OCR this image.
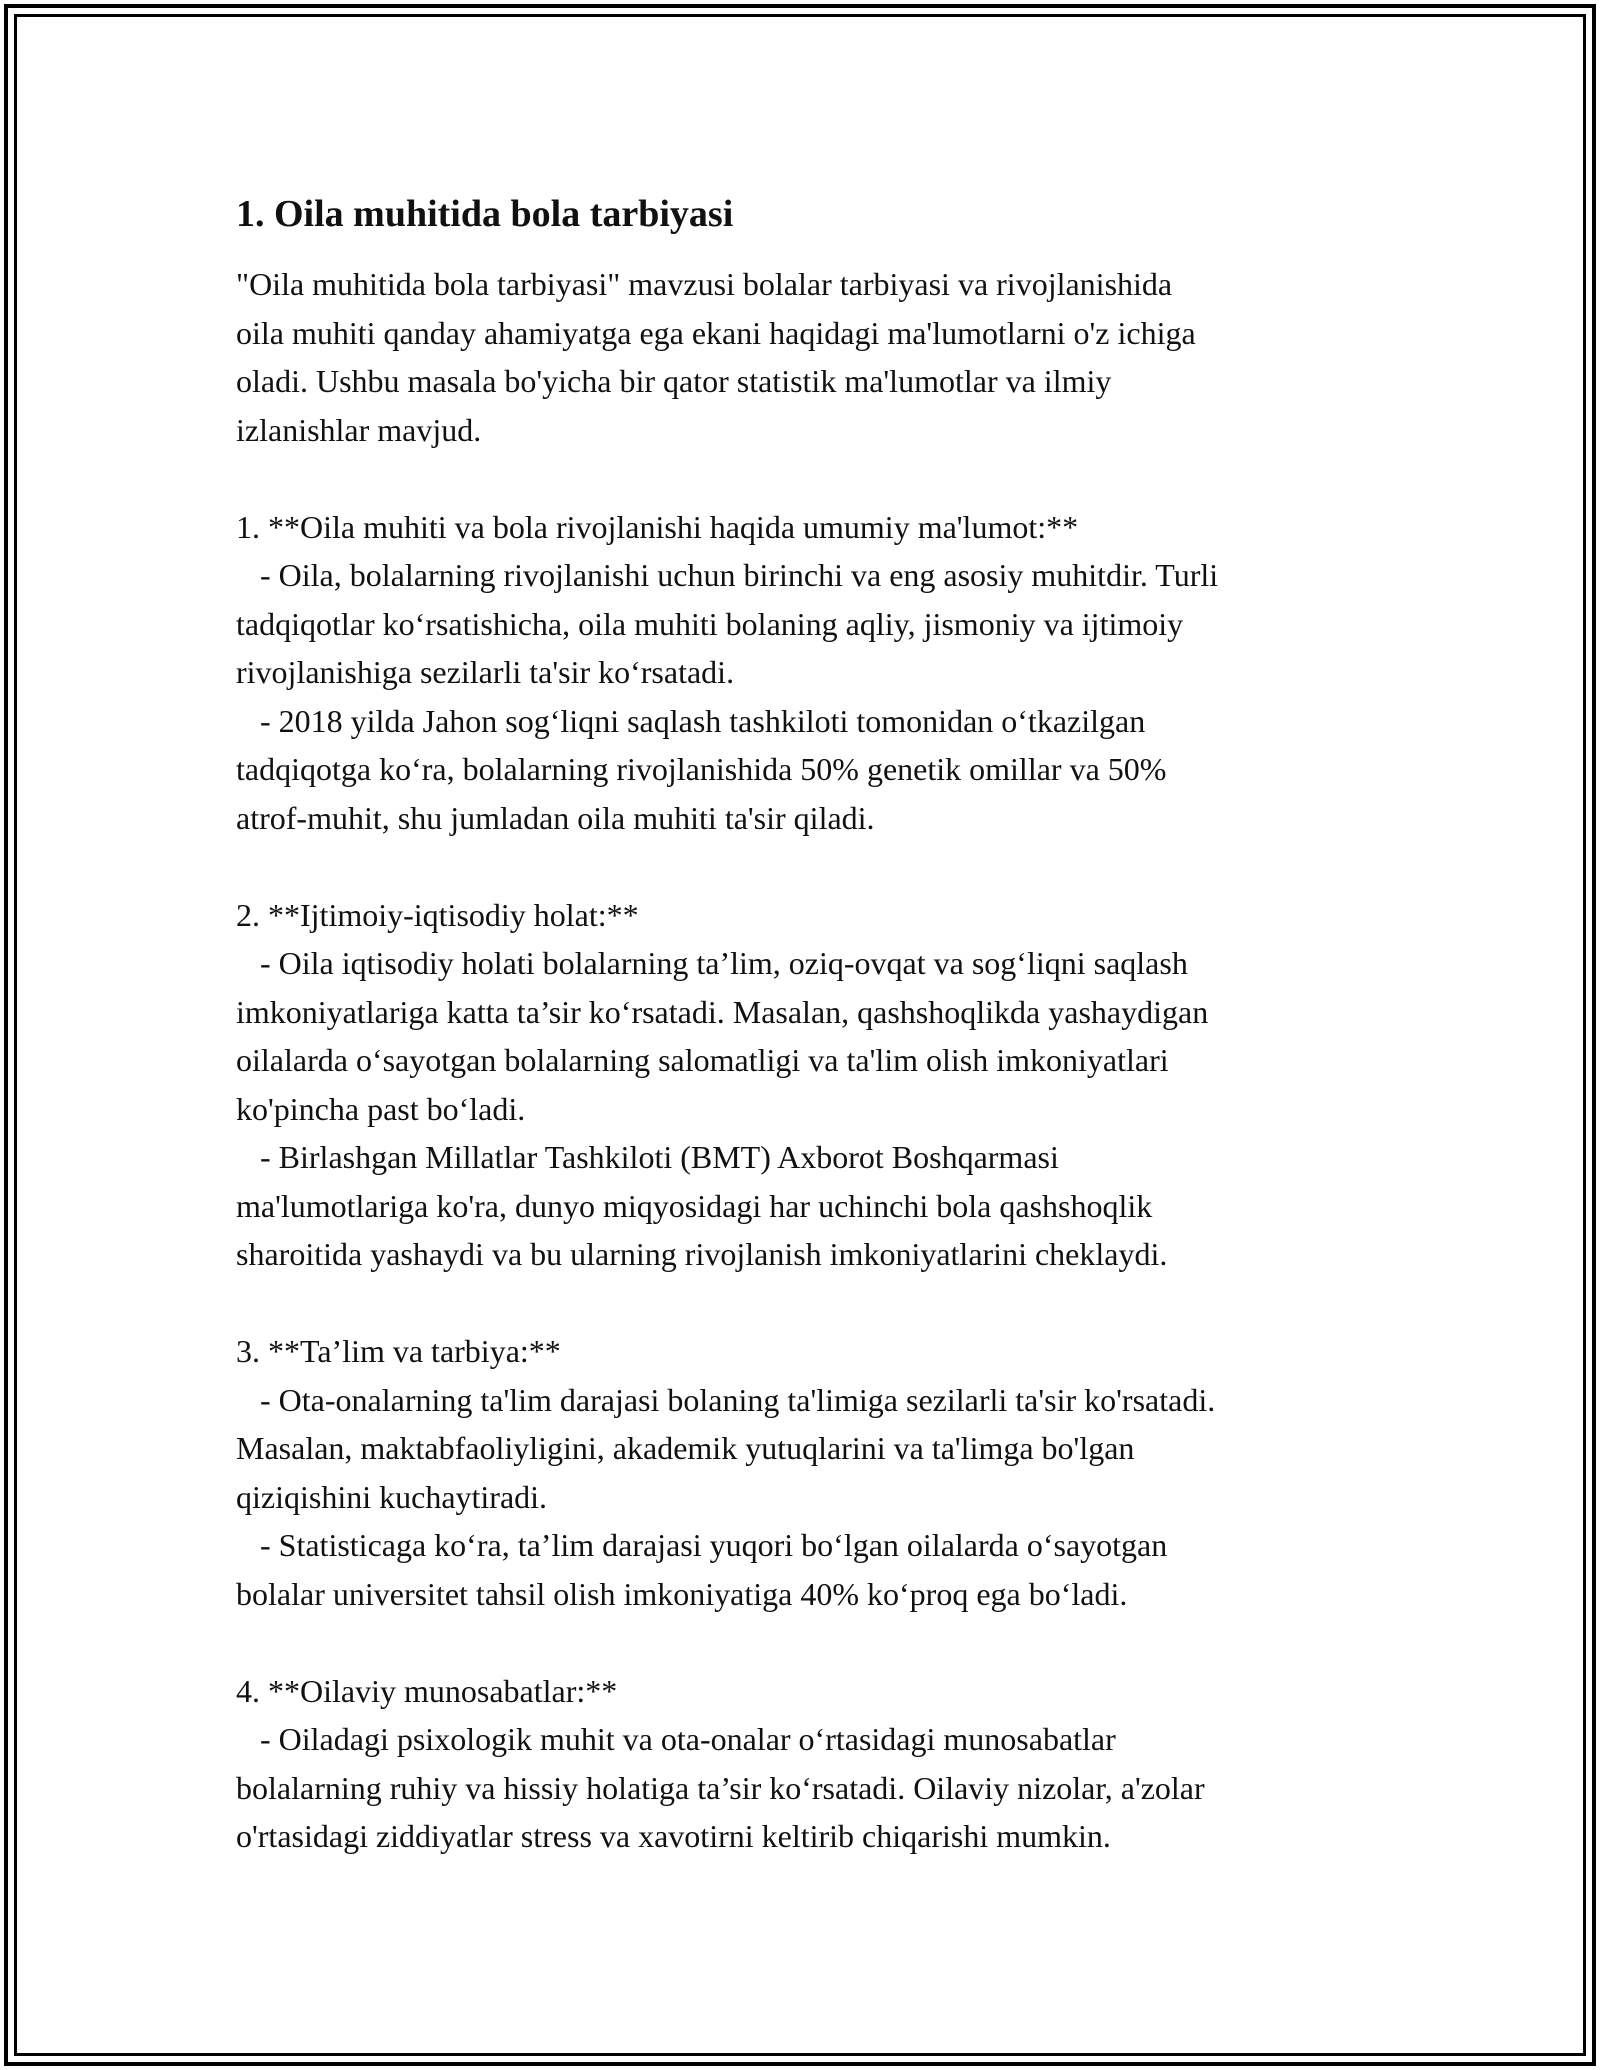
1. Oila muhitida bola tarbiyasi

"Oila muhitida bola tarbiyasi" mavzusi bolalar tarbiyasi va rivojlanishida
oila muhiti qanday ahamiyatga ega ekani haqidagi ma'lumotlarni o'z ichiga
oladi. Ushbu masala bo'yicha bir qator statistik ma'lumotlar va ilmiy
izlanishlar mavjud.

1. **Oila muhiti va bola rivojlanishi haqida umumiy ma'lumot:**
- Oila, bolalarning rivojlanishi uchun birinchi va eng asosiy muhitdir. Turli
tadqiqotlar ko‘rsatishicha, oila muhiti bolaning aqliy, jismoniy va ijtimoiy
rivojlanishiga sezilarli ta'sir ko‘rsatadi.
- 2018 yilda Jahon sog‘liqni saqlash tashkiloti tomonidan o‘tkazilgan
tadqiqotga ko‘ra, bolalarning rivojlanishida 50% genetik omillar va 50%
atrof-muhit, shu jumladan oila muhiti ta'sir qiladi.
2. **Ijtimoiy-iqtisodiy holat:**
- Oila iqtisodiy holati bolalarning ta’lim, oziq-ovqat va sog‘liqni saqlash
imkoniyatlariga katta ta’sir ko‘rsatadi. Masalan, qashshoqlikda yashaydigan
oilalarda o‘sayotgan bolalarning salomatligi va ta'lim olish imkoniyatlari
ko'pincha past bo‘ladi.
- Birlashgan Millatlar Tashkiloti (BMT) Axborot Boshqarmasi
ma'lumotlariga ko'ra, dunyo miqyosidagi har uchinchi bola qashshoqlik
sharoitida yashaydi va bu ularning rivojlanish imkoniyatlarini cheklaydi.
3. **Ta’lim va tarbiya:**
- Ota-onalarning ta'lim darajasi bolaning ta'limiga sezilarli ta'sir ko'rsatadi.
Masalan, maktabfaoliyligini, akademik yutuqlarini va ta'limga bo'lgan
qiziqishini kuchaytiradi.
- Statisticaga ko‘ra, ta’lim darajasi yuqori bo‘lgan oilalarda o‘sayotgan
bolalar universitet tahsil olish imkoniyatiga 40% ko‘proq ega bo‘ladi.
4. **Oilaviy munosabatlar:**
- Oiladagi psixologik muhit va ota-onalar o‘rtasidagi munosabatlar
bolalarning ruhiy va hissiy holatiga ta’sir ko‘rsatadi. Oilaviy nizolar, a'zolar
o'rtasidagi ziddiyatlar stress va xavotirni keltirib chiqarishi mumkin.
